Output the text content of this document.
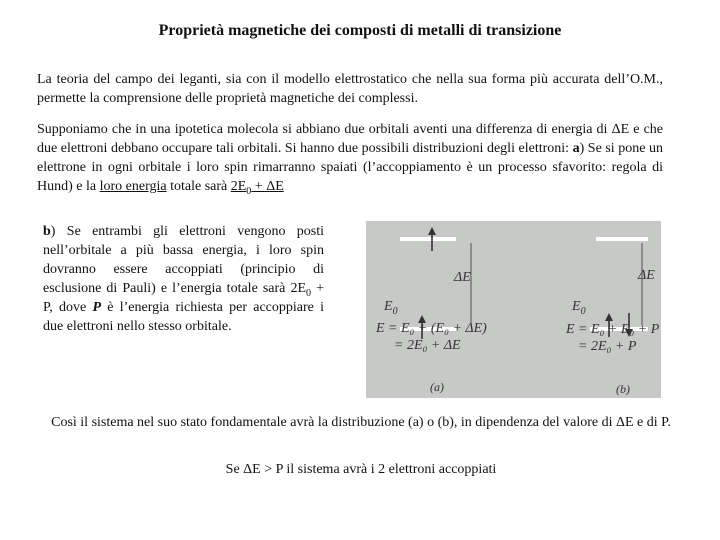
Proprietà magnetiche dei composti di metalli di transizione
La teoria del campo dei leganti, sia con il modello elettrostatico che nella sua forma più accurata dell’O.M., permette la comprensione delle proprietà magnetiche dei complessi.
Supponiamo che in una ipotetica molecola si abbiano due orbitali aventi una differenza di energia di ΔE e che due elettroni debbano occupare tali orbitali. Si hanno due possibili distribuzioni degli elettroni: a) Se si pone un elettrone in ogni orbitale i loro spin rimarranno spaiati (l’accoppiamento è un processo sfavorito: regola di Hund) e la loro energia totale sarà $2E_0 + \Delta E$
b) Se entrambi gli elettroni vengono posti nell’orbitale a più bassa energia, i loro spin dovranno essere accoppiati (principio di esclusione di Pauli) e l’energia totale sarà $2E_0 + P$, dove P è l’energia richiesta per accoppiare i due elettroni nello stesso orbitale.
ΔE
$E_0$
E = E₀ + (E₀ + ΔE)
= 2E₀ + ΔE
(a)
ΔE
$E_0$
E = E₀ + E₀ + P
= 2E₀ + P
(b)
Così il sistema nel suo stato fondamentale avrà la distribuzione (a) o (b), in dipendenza del valore di ΔE e di P.
Se ΔE > P il sistema avrà i 2 elettroni accoppiati
